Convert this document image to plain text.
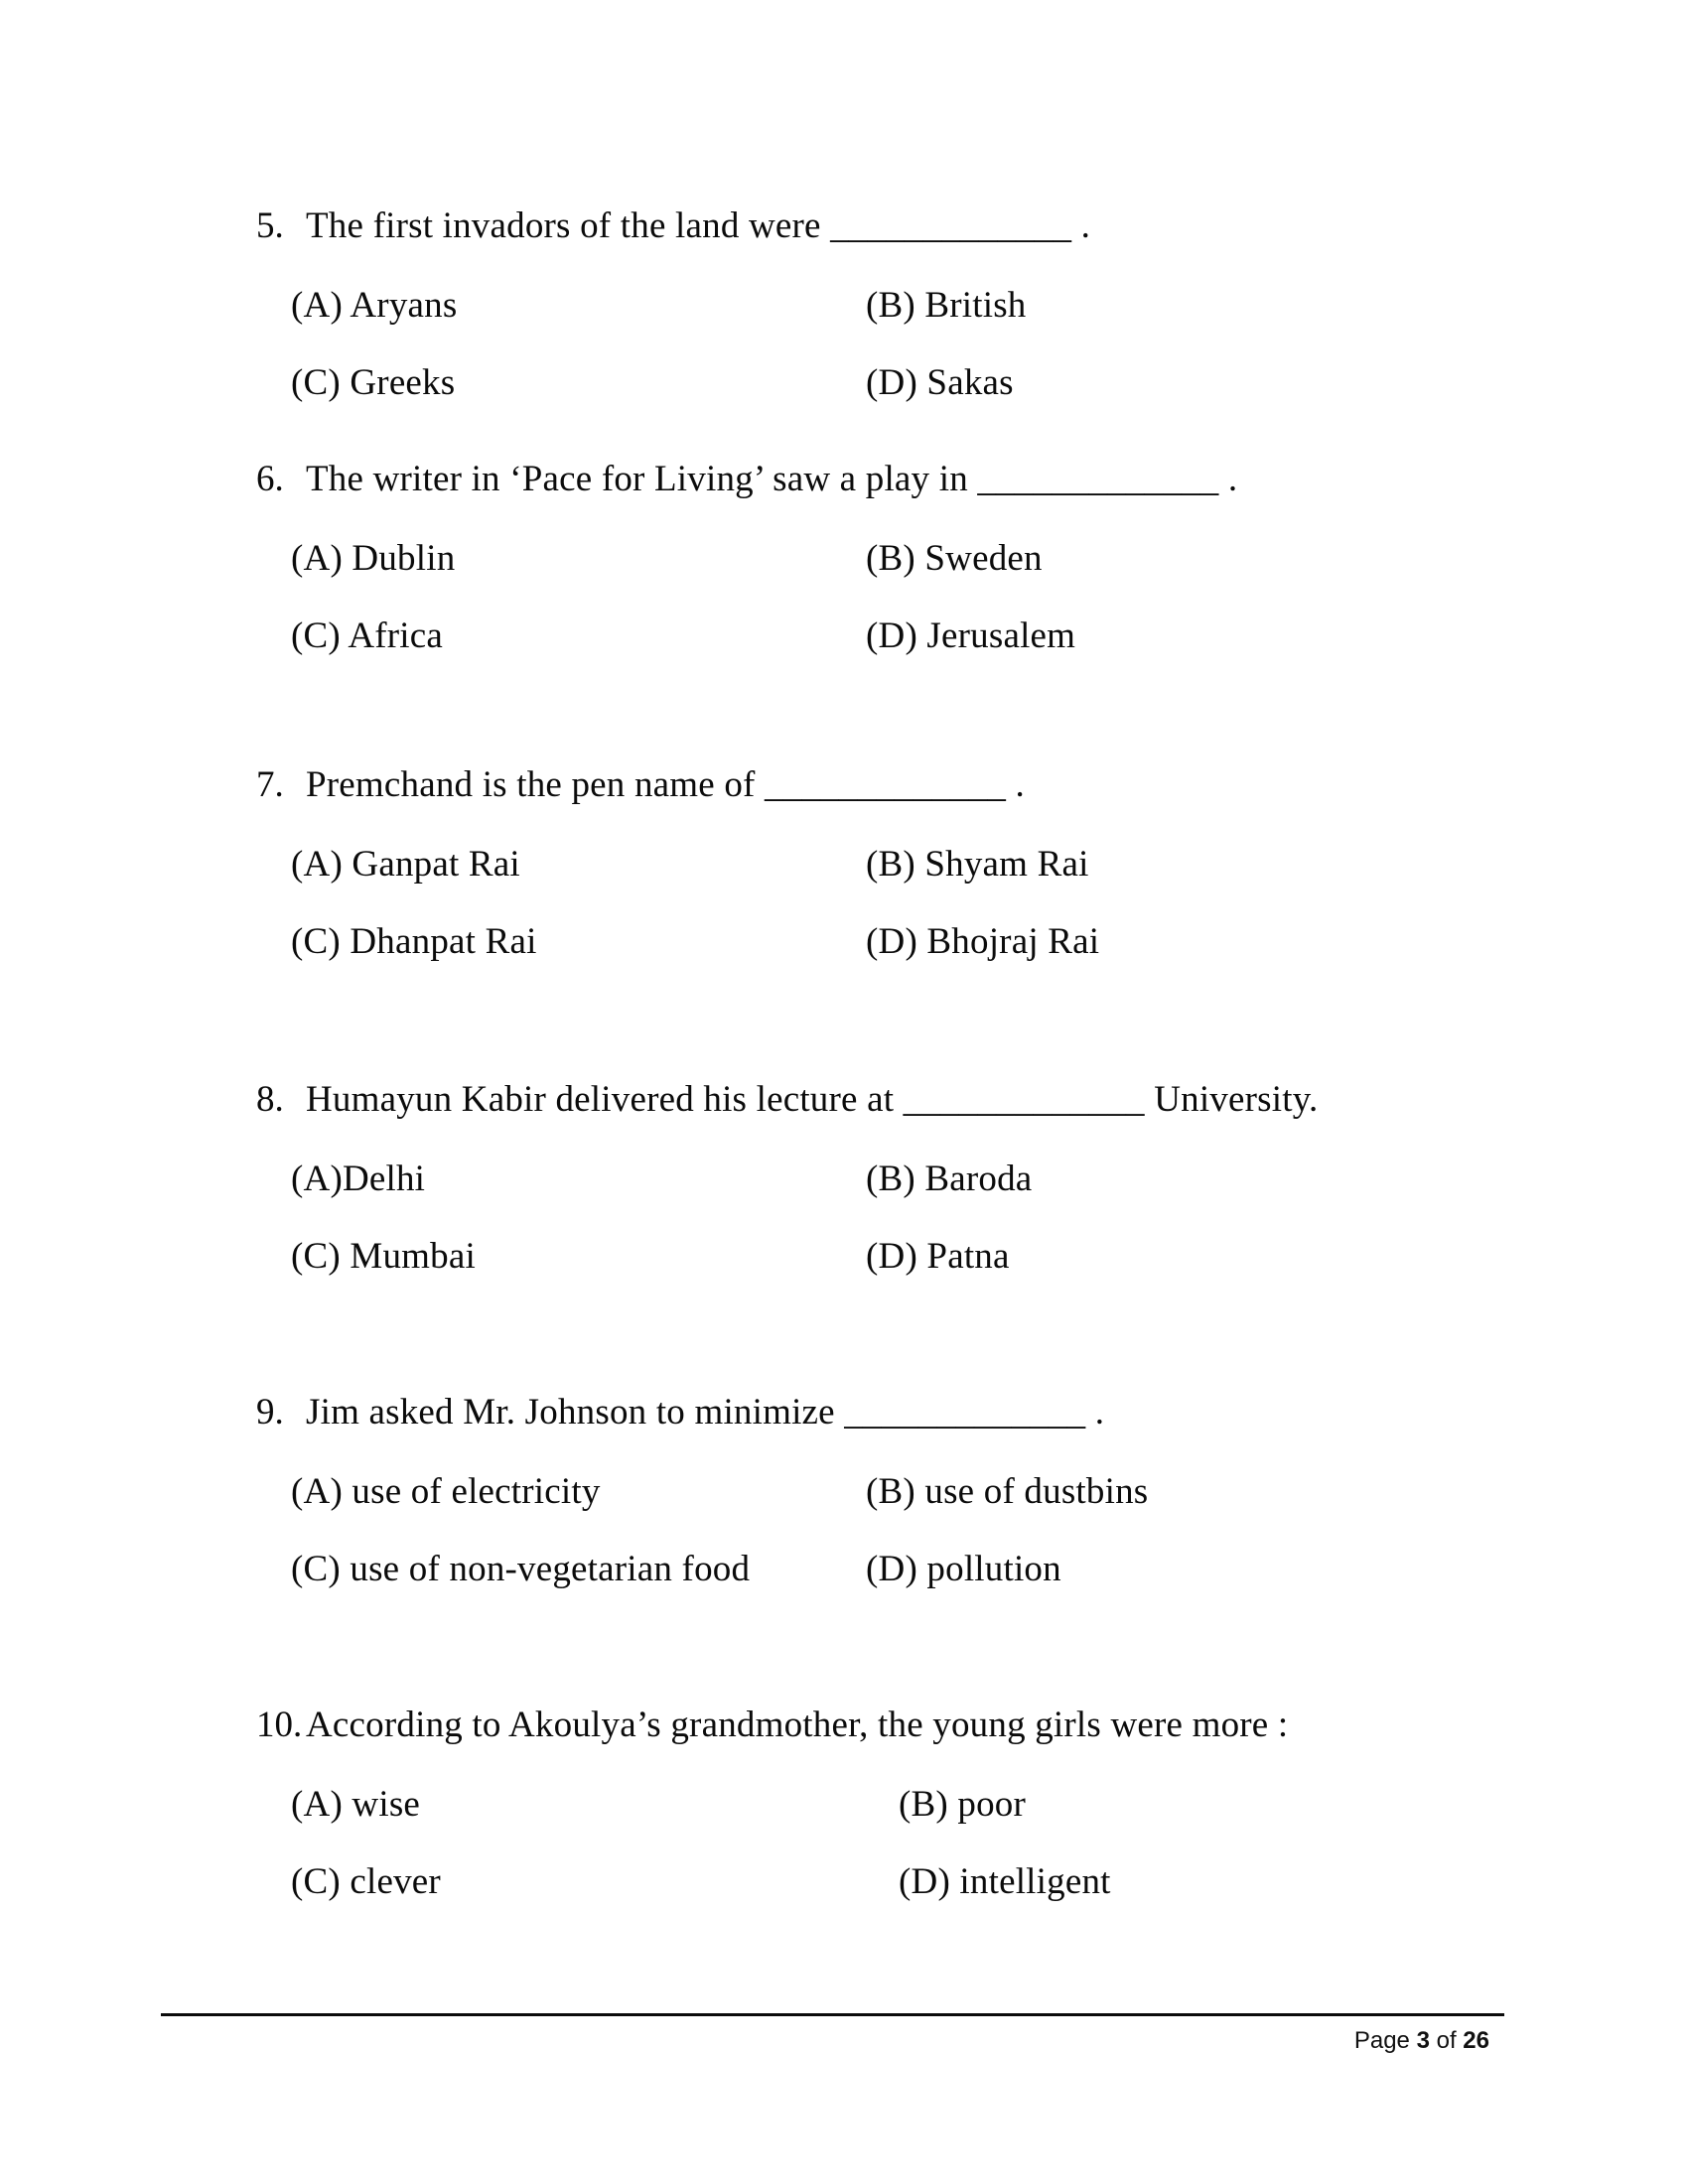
5. The first invadors of the land were _____________ .
(A) Aryans	(B) British
(C) Greeks	(D) Sakas
6. The writer in ‘Pace for Living’ saw a play in _____________ .
(A) Dublin	(B) Sweden
(C) Africa	(D) Jerusalem
7. Premchand is the pen name of _____________ .
(A) Ganpat Rai	(B) Shyam Rai
(C) Dhanpat Rai	(D) Bhojraj Rai
8. Humayun Kabir delivered his lecture at _____________ University.
(A)Delhi	(B) Baroda
(C) Mumbai	(D) Patna
9. Jim asked Mr. Johnson to minimize _____________ .
(A) use of electricity	(B) use of dustbins
(C) use of non-vegetarian food	(D) pollution
10. According to Akoulya’s grandmother, the young girls were more :
(A) wise	(B) poor
(C) clever	(D) intelligent
Page 3 of 26
